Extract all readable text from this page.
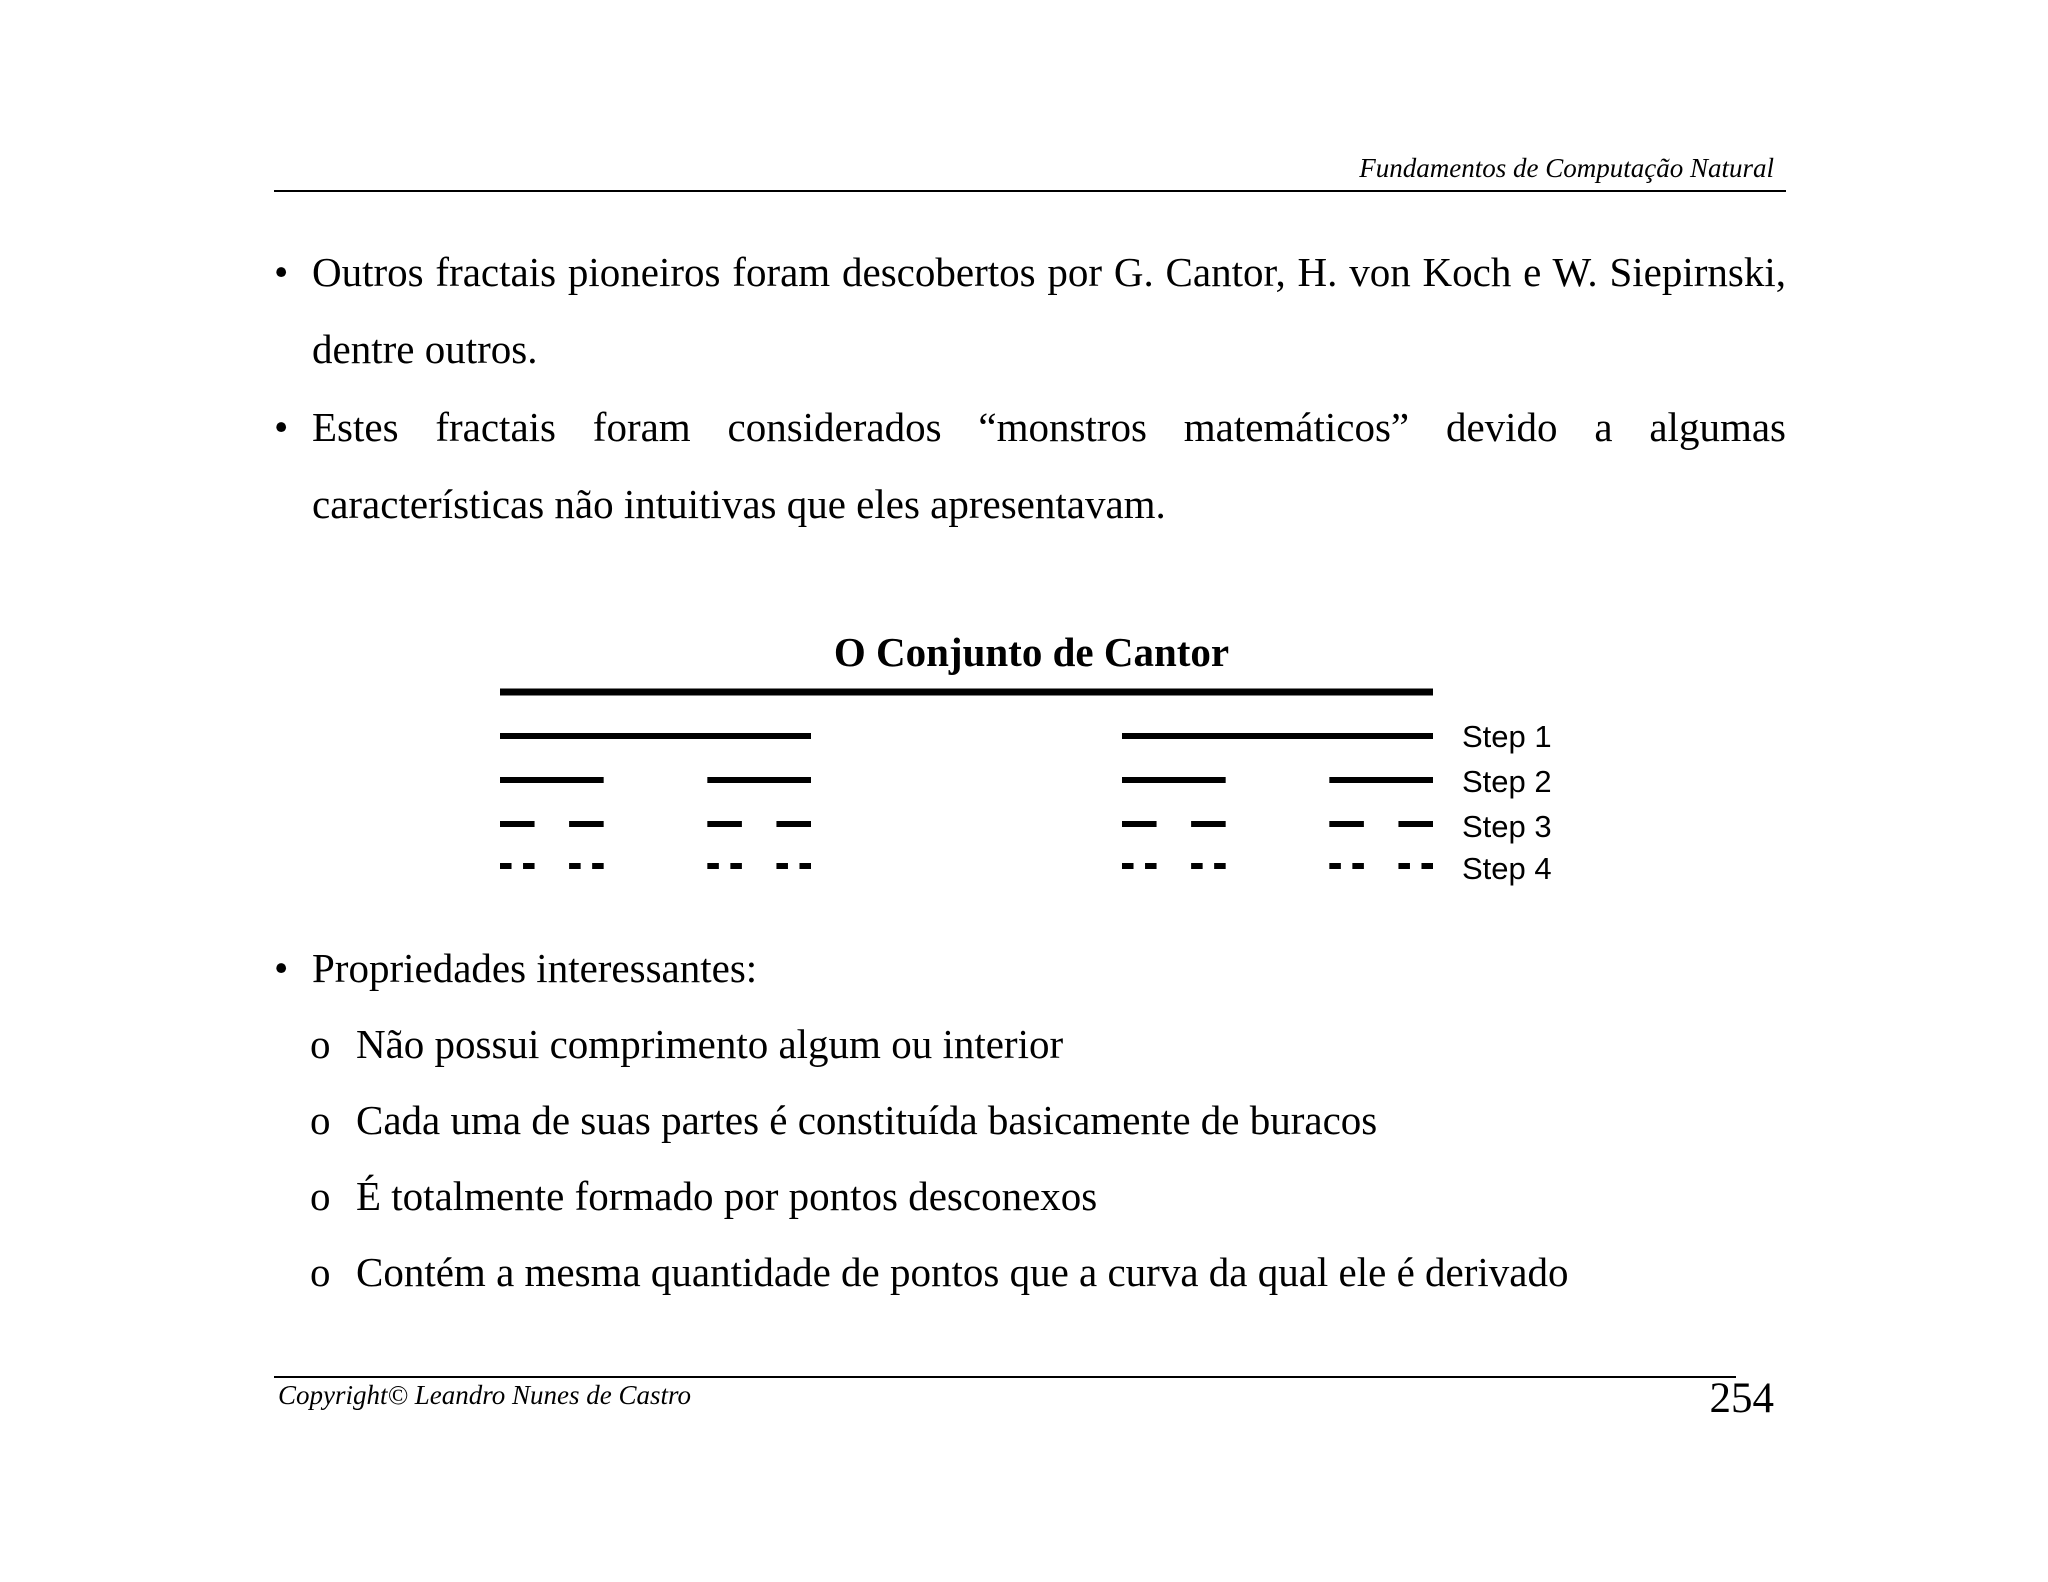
Fundamentos de Computação Natural
• Outros fractais pioneiros foram descobertos por G. Cantor, H. von Koch e W. Siepirnski, dentre outros.
• Estes fractais foram considerados “monstros matemáticos” devido a algumas características não intuitivas que eles apresentavam.
O Conjunto de Cantor
Step 1
Step 2
Step 3
Step 4
• Propriedades interessantes:
o Não possui comprimento algum ou interior
o Cada uma de suas partes é constituída basicamente de buracos
o É totalmente formado por pontos desconexos
o Contém a mesma quantidade de pontos que a curva da qual ele é derivado
Copyright© Leandro Nunes de Castro	254
